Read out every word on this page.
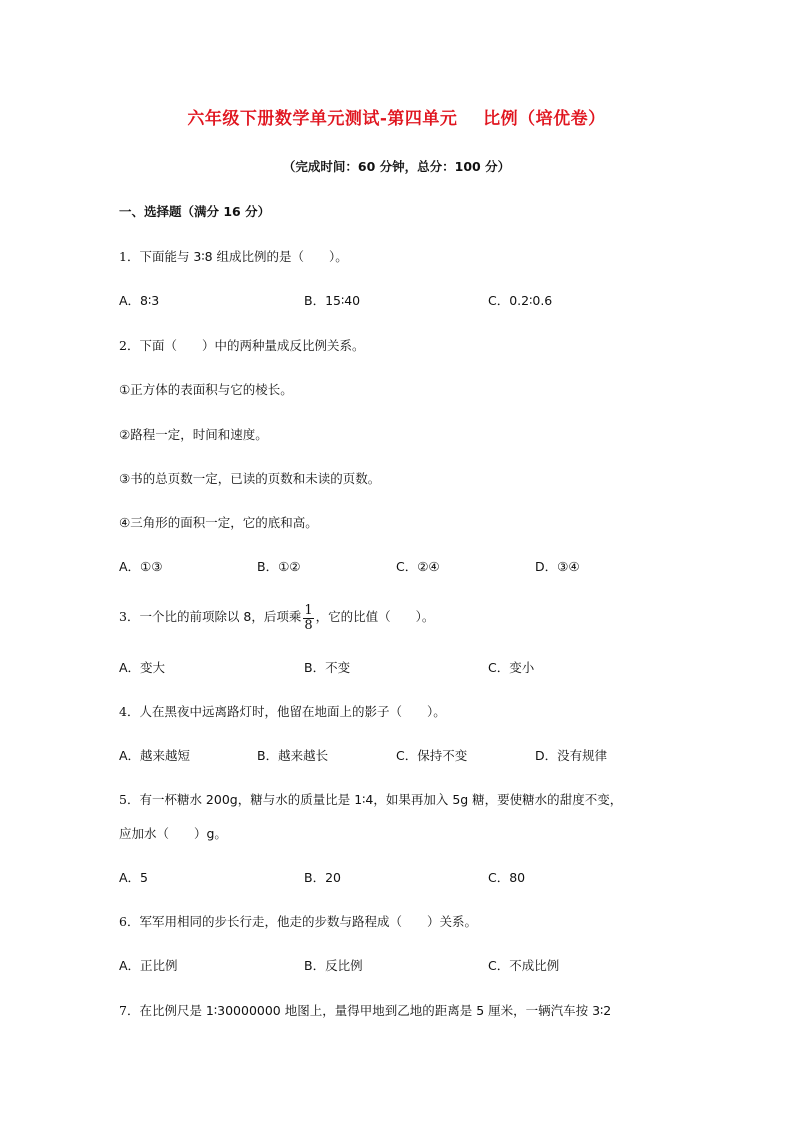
六年级下册数学单元测试-第四单元    比例（培优卷）
（完成时间：60 分钟，总分：100 分）
一、选择题（满分 16 分）
1．下面能与 3∶8 组成比例的是（　　）。
A．8∶3	B．15∶40	C．0.2∶0.6
2．下面（　　）中的两种量成反比例关系。
①正方体的表面积与它的棱长。
②路程一定，时间和速度。
③书的总页数一定，已读的页数和未读的页数。
④三角形的面积一定，它的底和高。
A．①③	B．①②	C．②④	D．③④
3．一个比的前项除以 8，后项乘 $\frac{1}{8}$ ，它的比值（　　）。
A．变大	B．不变	C．变小
4．人在黑夜中远离路灯时，他留在地面上的影子（　　）。
A．越来越短	B．越来越长	C．保持不变	D．没有规律
5．有一杯糖水 200g，糖与水的质量比是 1∶4，如果再加入 5g 糖，要使糖水的甜度不变，
应加水（　　）g。
A．5	B．20	C．80
6．军军用相同的步长行走，他走的步数与路程成（　　）关系。
A．正比例	B．反比例	C．不成比例
7．在比例尺是 1∶30000000 地图上，量得甲地到乙地的距离是 5 厘米，一辆汽车按 3∶2
